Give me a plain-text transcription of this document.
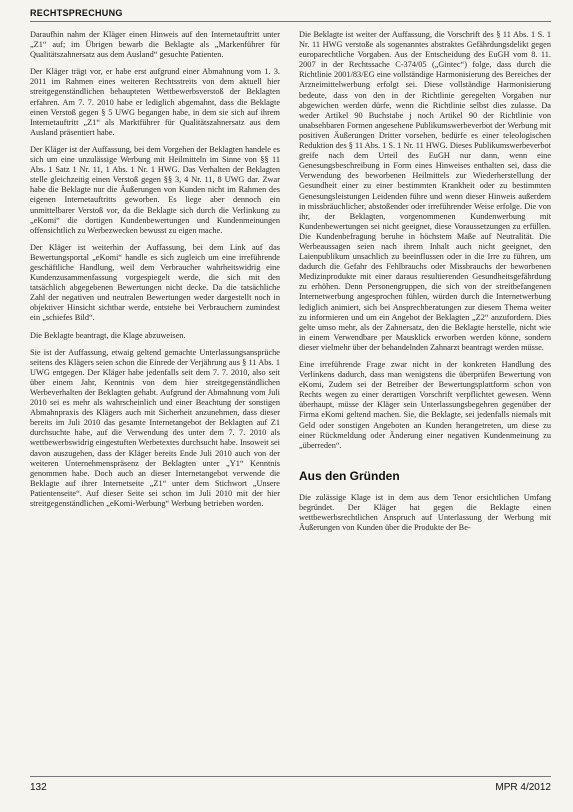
RECHTSPRECHUNG

Daraufhin nahm der Kläger einen Hinweis auf den Internetauftritt unter „Z1“ auf; im Übrigen bewarb die Beklagte als „Markenführer für Qualitätszahnersatz aus dem Ausland“ gesuchte Patienten.

Der Kläger trägt vor, er habe erst aufgrund einer Abmahnung vom 1. 3. 2011 im Rahmen eines weiteren Rechtsstreits von dem aktuell hier streitgegenständlichen behaupteten Wettbewerbsverstoß der Beklagten erfahren. Am 7. 7. 2010 habe er lediglich abgemahnt, dass die Beklagte einen Verstoß gegen § 5 UWG begangen habe, in dem sie sich auf ihrem Internetauftritt „Z1“ als Marktführer für Qualitätszahnersatz aus dem Ausland präsentiert habe.

Der Kläger ist der Auffassung, bei dem Vorgehen der Beklagten handele es sich um eine unzulässige Werbung mit Heilmitteln im Sinne von §§ 11 Abs. 1 Satz 1 Nr. 11, 1 Abs. 1 Nr. 1 HWG. Das Verhalten der Beklagten stelle gleichzeitig einen Verstoß gegen §§ 3, 4 Nr. 11, 8 UWG dar. Zwar habe die Beklagte nur die Äußerungen von Kunden nicht im Rahmen des eigenen Internetauftritts geworben. Es liege aber dennoch ein unmittelbarer Verstoß vor, da die Beklagte sich durch die Verlinkung zu „eKomi“ die dortigen Kundenbewertungen und Kundenmeinungen offensichtlich zu Werbezwecken bewusst zu eigen mache.

Der Kläger ist weiterhin der Auffassung, bei dem Link auf das Bewertungsportal „eKomi“ handle es sich zugleich um eine irreführende geschäftliche Handlung, weil dem Verbraucher wahrheitswidrig eine Kundenzusammenfassung vorgespiegelt werde, die sich mit den tatsächlich abgegebenen Bewertungen nicht decke. Da die tatsächliche Zahl der negativen und neutralen Bewertungen weder dargestellt noch in objektiver Hinsicht sichtbar werde, entstehe bei Verbrauchern zumindest ein „schiefes Bild“.

Die Beklagte beantragt, die Klage abzuweisen.

Sie ist der Auffassung, etwaig geltend gemachte Unterlassungsansprüche seitens des Klägers seien schon die Einrede der Verjährung aus § 11 Abs. 1 UWG entgegen. Der Kläger habe jedenfalls seit dem 7. 7. 2010, also seit über einem Jahr, Kenntnis von dem hier streitgegenständlichen Werbeverhalten der Beklagten gehabt. Aufgrund der Abmahnung vom Juli 2010 sei es mehr als wahrscheinlich und einer Beachtung der sonstigen Abmahnpraxis des Klägers auch mit Sicherheit anzunehmen, dass dieser bereits im Juli 2010 das gesamte Internetangebot der Beklagten auf Z1 durchsuchte habe, auf die Verwendung des unter dem 7. 7. 2010 als wettbewerbswidrig eingestuften Werbetextes durchsucht habe. Insoweit sei davon auszugehen, dass der Kläger bereits Ende Juli 2010 auch von der weiteren Unternehmenspräsenz der Beklagten unter „Y1“ Kenntnis genommen habe. Doch auch an dieser Internetangebot verwende die Beklagte auf ihrer Internetseite „Z1“ unter dem Stichwort „Unsere Patientenseite“. Auf dieser Seite sei schon im Juli 2010 mit der hier streitgegenständlichen „eKomi-Werbung“ Werbung betrieben worden.

Die Beklagte ist weiter der Auffassung, die Vorschrift des § 11 Abs. 1 S. 1 Nr. 11 HWG verstoße als sogenanntes abstraktes Gefährdungsdelikt gegen europarechtliche Vorgaben. Aus der Entscheidung des EuGH vom 8. 11. 2007 in der Rechtssache C-374/05 („Gintec“) folge, dass durch die Richtlinie 2001/83/EG eine vollständige Harmonisierung des Bereiches der Arzneimittelwerbung erfolgt sei. Diese vollständige Harmonisierung bedeute, dass von den in der Richtlinie geregelten Vorgaben nur abgewichen werden dürfe, wenn die Richtlinie selbst dies zulasse. Da weder Artikel 90 Buchstabe j noch Artikel 90 der Richtlinie von unabsehbaren Formen angesehene Publikumswerbeverbot der Werbung mit positiven Äußerungen Dritter vorsehen, bedürfe es einer teleologischen Reduktion des § 11 Abs. 1 S. 1 Nr. 11 HWG. Dieses Publikumswerbeverbot greife nach dem Urteil des EuGH nur dann, wenn eine Genesungsbeschreibung in Form eines Hinweises enthalten sei, dass die Verwendung des beworbenen Heilmittels zur Wiederherstellung der Gesundheit einer zu einer bestimmten Krankheit oder zu bestimmten Genesungsleistungen Leidenden führe und wenn dieser Hinweis außerdem in missbräuchlicher, abstoßender oder irreführender Weise erfolge. Die von ihr, der Beklagten, vorgenommenen Kundenwerbung mit Kundenbewertungen sei nicht geeignet, diese Voraussetzungen zu erfüllen. Die Kundenbefragung beruhe in höchstem Maße auf Neutralität. Die Werbeaussagen seien nach ihrem Inhalt auch nicht geeignet, den Laienpublikum unsachlich zu beeinflussen oder in die Irre zu führen, um dadurch die Gefahr des Fehlbrauchs oder Missbrauchs der beworbenen Medizinprodukte mit einer daraus resultierenden Gesundheitsgefährdung zu erhöhen. Denn Personengruppen, die sich von der streitbefangenen Internetwerbung angesprochen fühlen, würden durch die Internetwerbung lediglich animiert, sich bei Ansprechberatungen zur diesem Thema weiter zu informieren und um ein Angebot der Beklagten „Z2“ anzufordern. Dies gelte umso mehr, als der Zahnersatz, den die Beklagte herstelle, nicht wie in einem Verwendbare per Mausklick erworben werden könne, sondern dieser vielmehr über der behandelnden Zahnarzt beantragt werden müsse.

Eine irreführende Frage zwar nicht in der konkreten Handlung des Verlinkens dadurch, dass man wenigstens die überprüfen Bewertung von eKomi, Zudem sei der Betreiber der Bewertungsplattform schon von Rechts wegen zu einer derartigen Vorschrift verpflichtet gewesen. Wenn überhaupt, müsse der Kläger sein Unterlassungsbegehren gegenüber der Firma eKomi geltend machen. Sie, die Beklagte, sei jedenfalls niemals mit Geld oder sonstigen Angeboten an Kunden herangetreten, um diese zu einer Rückmeldung oder Änderung einer negativen Kundenmeinung zu „überreden“.

Aus den Gründen

Die zulässige Klage ist in dem aus dem Tenor ersichtlichen Umfang begründet. Der Kläger hat gegen die Beklagte einen wettbewerbsrechtlichen Anspruch auf Unterlassung der Werbung mit Äußerungen von Kunden über die Produkte der Be-

132	MPR 4/2012
